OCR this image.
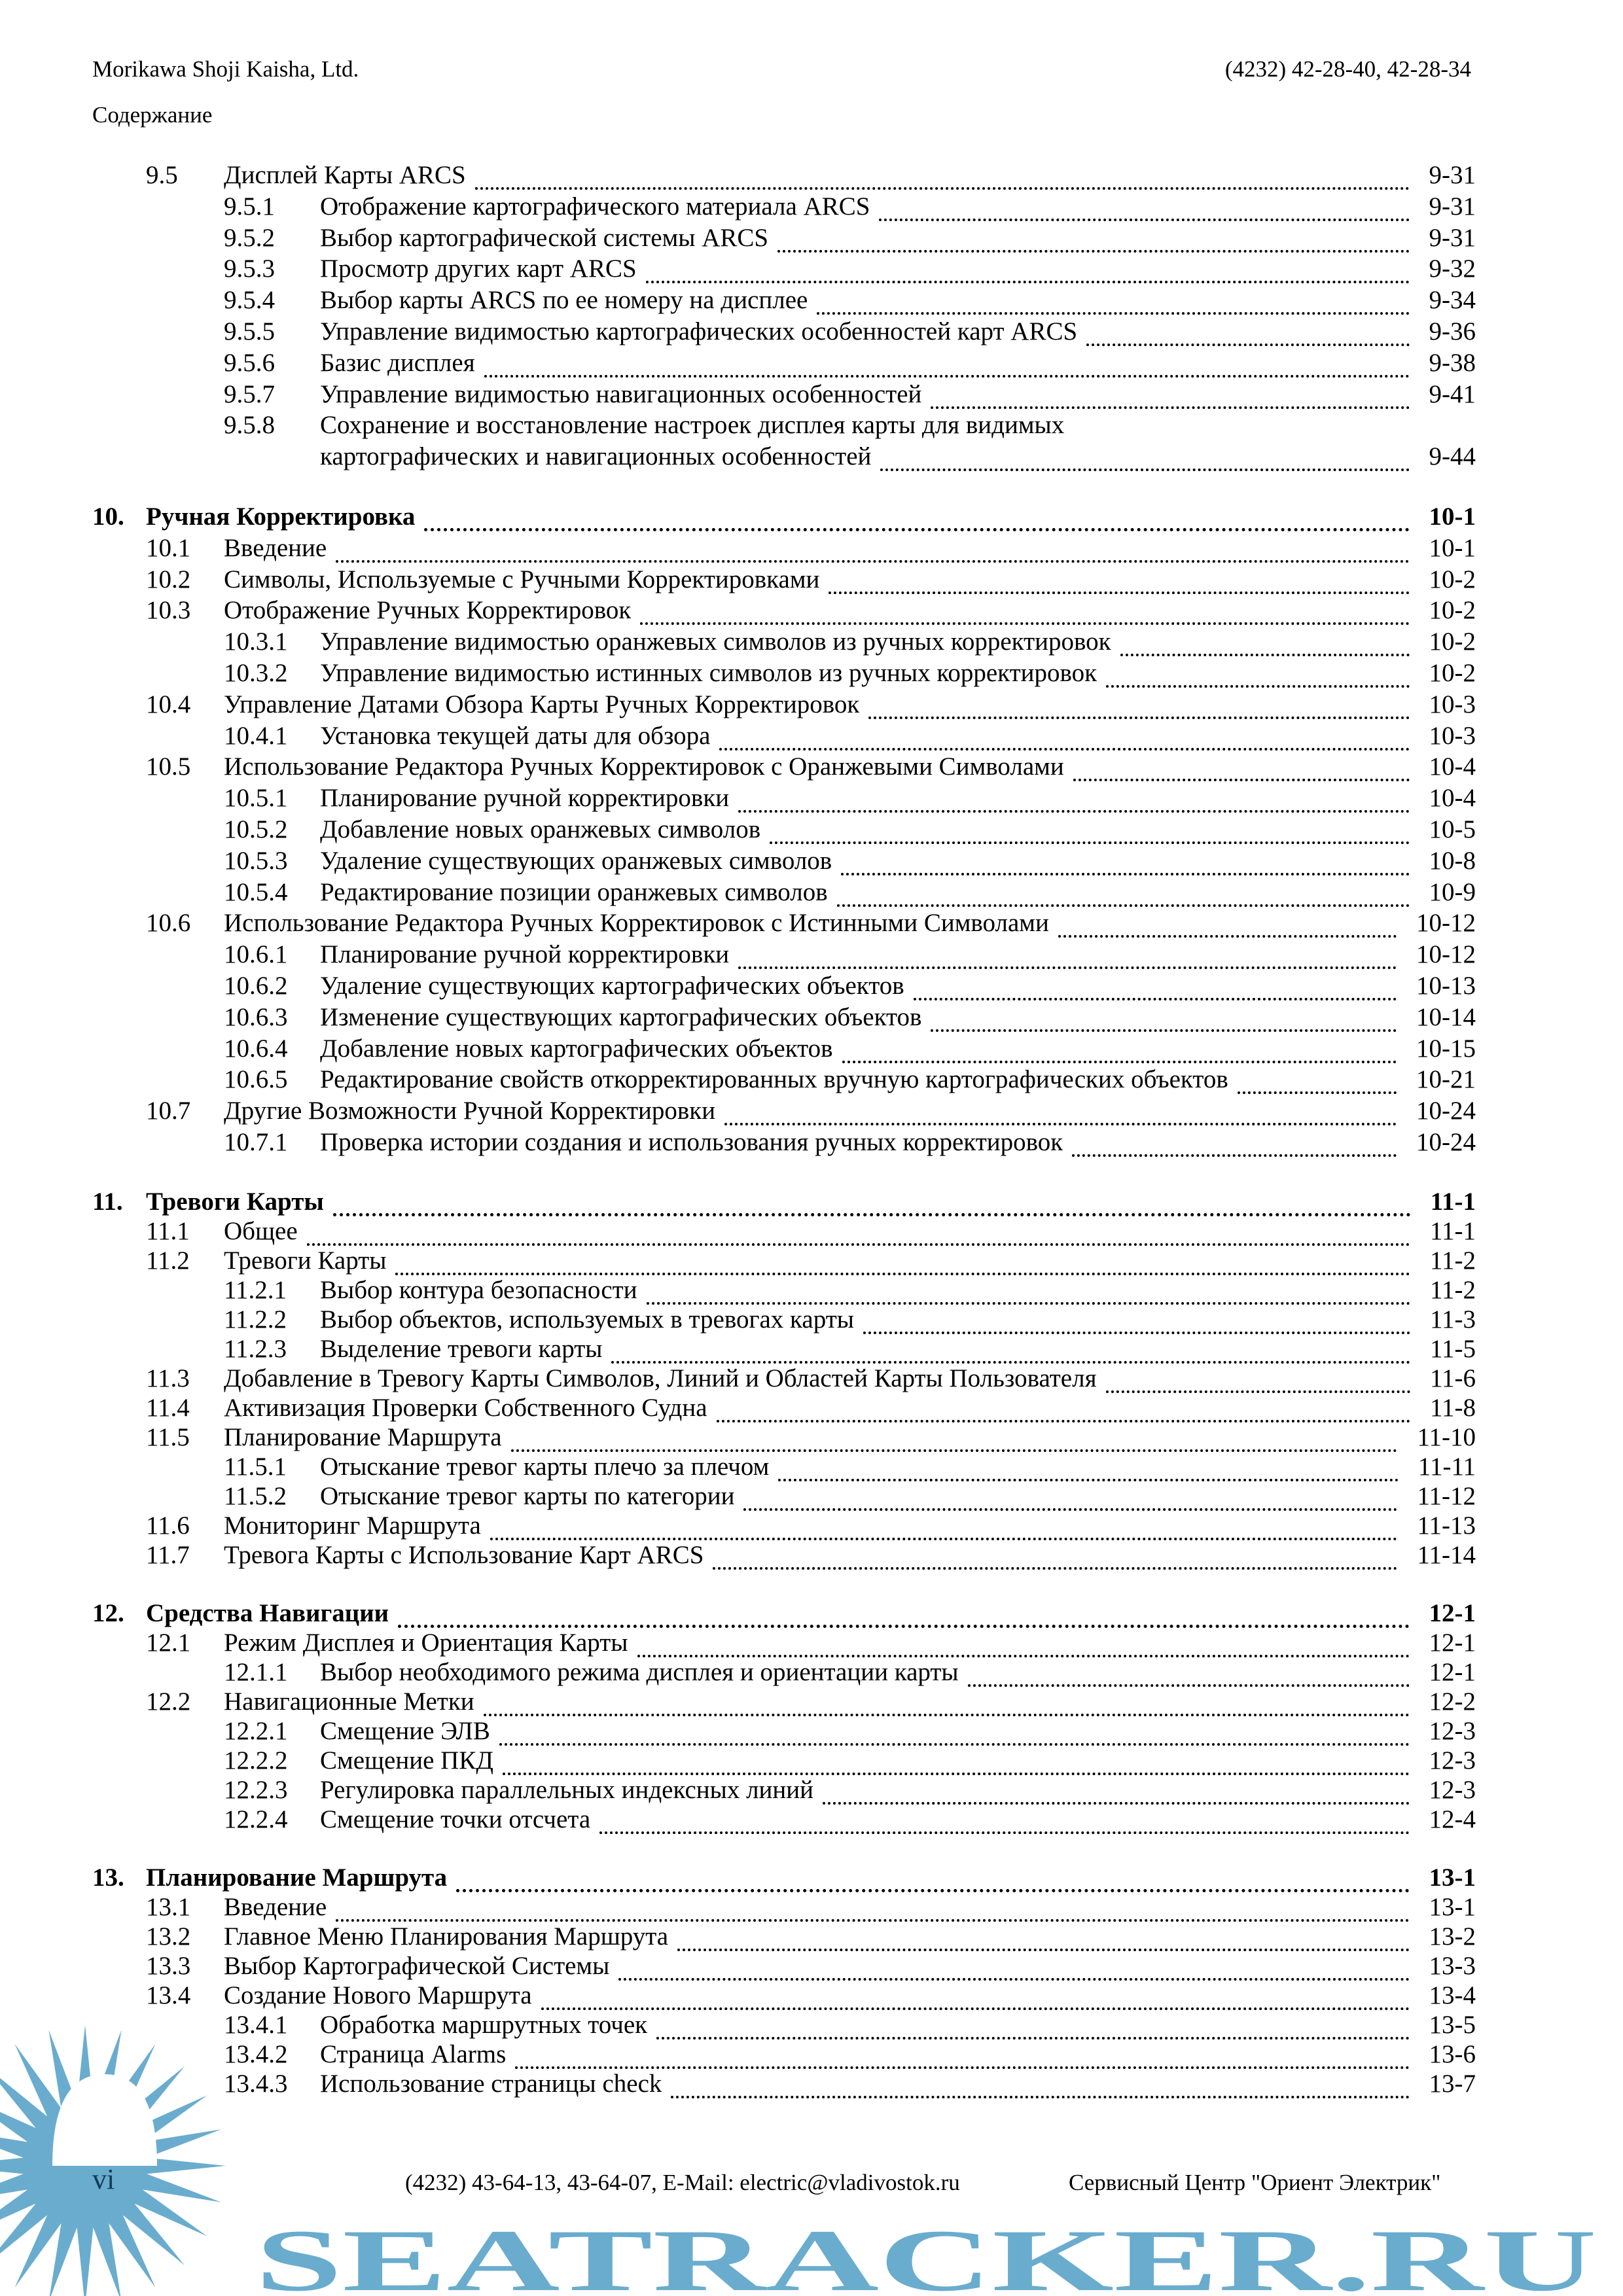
Morikawa Shoji Kaisha, Ltd.	(4232) 42-28-40, 42-28-34
Содержание
9.5	Дисплей Карты ARCS	9-31
9.5.1	Отображение картографического материала ARCS	9-31
9.5.2	Выбор картографической системы ARCS	9-31
9.5.3	Просмотр других карт ARCS	9-32
9.5.4	Выбор карты ARCS по ее номеру на дисплее	9-34
9.5.5	Управление видимостью картографических особенностей карт ARCS	9-36
9.5.6	Базис дисплея	9-38
9.5.7	Управление видимостью навигационных особенностей	9-41
9.5.8	Сохранение и восстановление настроек дисплея карты для видимых
картографических и навигационных особенностей	9-44
10. Ручная Корректировка	10-1
10.1	Введение	10-1
10.2	Символы, Используемые с Ручными Корректировками	10-2
10.3	Отображение Ручных Корректировок	10-2
10.3.1	Управление видимостью оранжевых символов из ручных корректировок	10-2
10.3.2	Управление видимостью истинных символов из ручных корректировок	10-2
10.4	Управление Датами Обзора Карты Ручных Корректировок	10-3
10.4.1	Установка текущей даты для обзора	10-3
10.5	Использование Редактора Ручных Корректировок с Оранжевыми Символами	10-4
10.5.1	Планирование ручной корректировки	10-4
10.5.2	Добавление новых оранжевых символов	10-5
10.5.3	Удаление существующих оранжевых символов	10-8
10.5.4	Редактирование позиции оранжевых символов	10-9
10.6	Использование Редактора Ручных Корректировок с Истинными Символами	10-12
10.6.1	Планирование ручной корректировки	10-12
10.6.2	Удаление существующих картографических объектов	10-13
10.6.3	Изменение существующих картографических объектов	10-14
10.6.4	Добавление новых картографических объектов	10-15
10.6.5	Редактирование свойств откорректированных вручную картографических объектов	10-21
10.7	Другие Возможности Ручной Корректировки	10-24
10.7.1	Проверка истории создания и использования ручных корректировок	10-24
11. Тревоги Карты	11-1
11.1	Общее	11-1
11.2	Тревоги Карты	11-2
11.2.1	Выбор контура безопасности	11-2
11.2.2	Выбор объектов, используемых в тревогах карты	11-3
11.2.3	Выделение тревоги карты	11-5
11.3	Добавление в Тревогу Карты Символов, Линий и Областей Карты Пользователя	11-6
11.4	Активизация Проверки Собственного Судна	11-8
11.5	Планирование Маршрута	11-10
11.5.1	Отыскание тревог карты плечо за плечом	11-11
11.5.2	Отыскание тревог карты по категории	11-12
11.6	Мониторинг Маршрута	11-13
11.7	Тревога Карты с Использование Карт ARCS	11-14
12. Средства Навигации	12-1
12.1	Режим Дисплея и Ориентация Карты	12-1
12.1.1	Выбор необходимого режима дисплея и ориентации карты	12-1
12.2	Навигационные Метки	12-2
12.2.1	Смещение ЭЛВ	12-3
12.2.2	Смещение ПКД	12-3
12.2.3	Регулировка параллельных индексных линий	12-3
12.2.4	Смещение точки отсчета	12-4
13. Планирование Маршрута	13-1
13.1	Введение	13-1
13.2	Главное Меню Планирования Маршрута	13-2
13.3	Выбор Картографической Системы	13-3
13.4	Создание Нового Маршрута	13-4
13.4.1	Обработка маршрутных точек	13-5
13.4.2	Страница Alarms	13-6
13.4.3	Использование страницы check	13-7
SEATRACKER.RU
vi	(4232) 43-64-13, 43-64-07, E-Mail: electric@vladivostok.ru	Сервисный Центр "Ориент Электрик"
